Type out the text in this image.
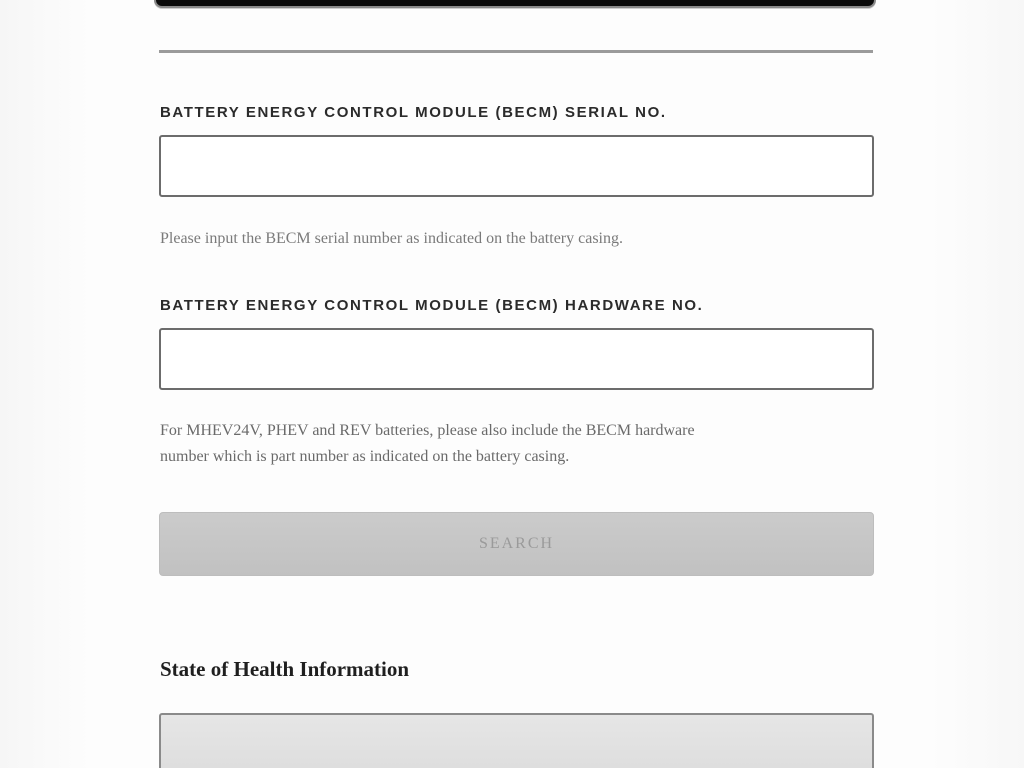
BATTERY ENERGY CONTROL MODULE (BECM) SERIAL NO.
Please input the BECM serial number as indicated on the battery casing.
BATTERY ENERGY CONTROL MODULE (BECM) HARDWARE NO.
For MHEV24V, PHEV and REV batteries, please also include the BECM hardware
number which is part number as indicated on the battery casing.
SEARCH
State of Health Information
